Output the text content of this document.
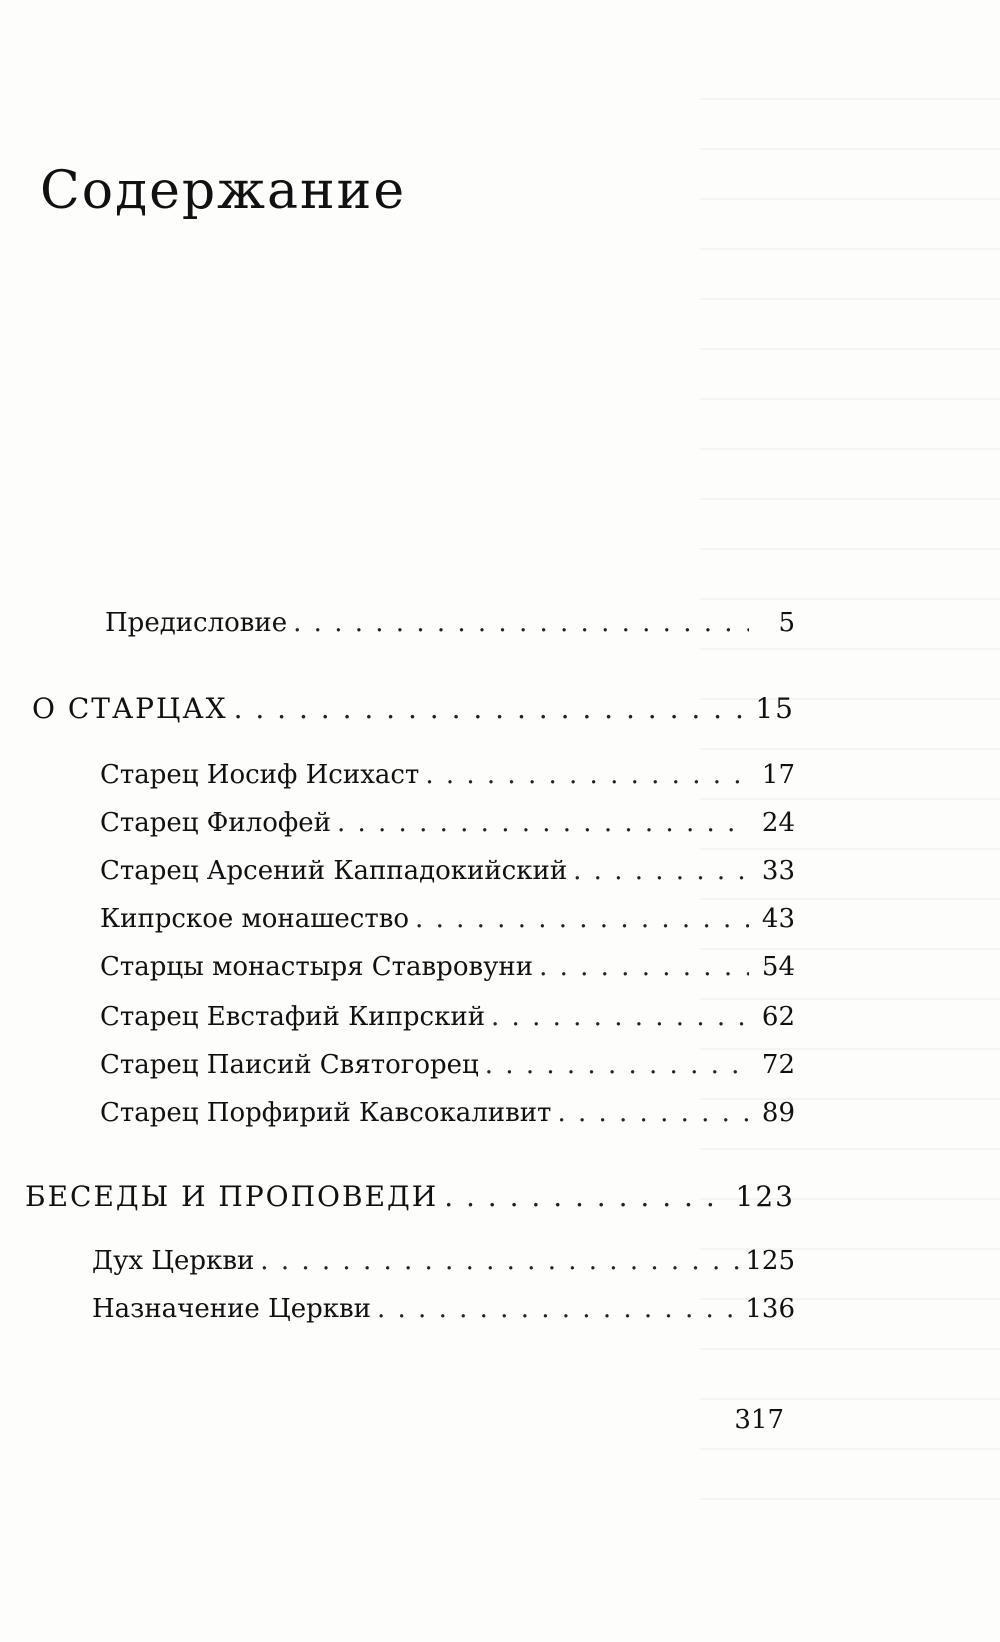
Содержание
Предисловие . . .	5
О СТАРЦАХ . . .	15
Старец Иосиф Исихаст . . .	17
Старец Филофей . . .	24
Старец Арсений Каппадокийский . . .	33
Кипрское монашество . . .	43
Старцы монастыря Ставровуни . . .	54
Старец Евстафий Кипрский . . .	62
Старец Паисий Святогорец . . .	72
Старец Порфирий Кавсокаливит . . .	89
БЕСЕДЫ И ПРОПОВЕДИ . . .	123
Дух Церкви . . .	125
Назначение Церкви . . .	136

317
